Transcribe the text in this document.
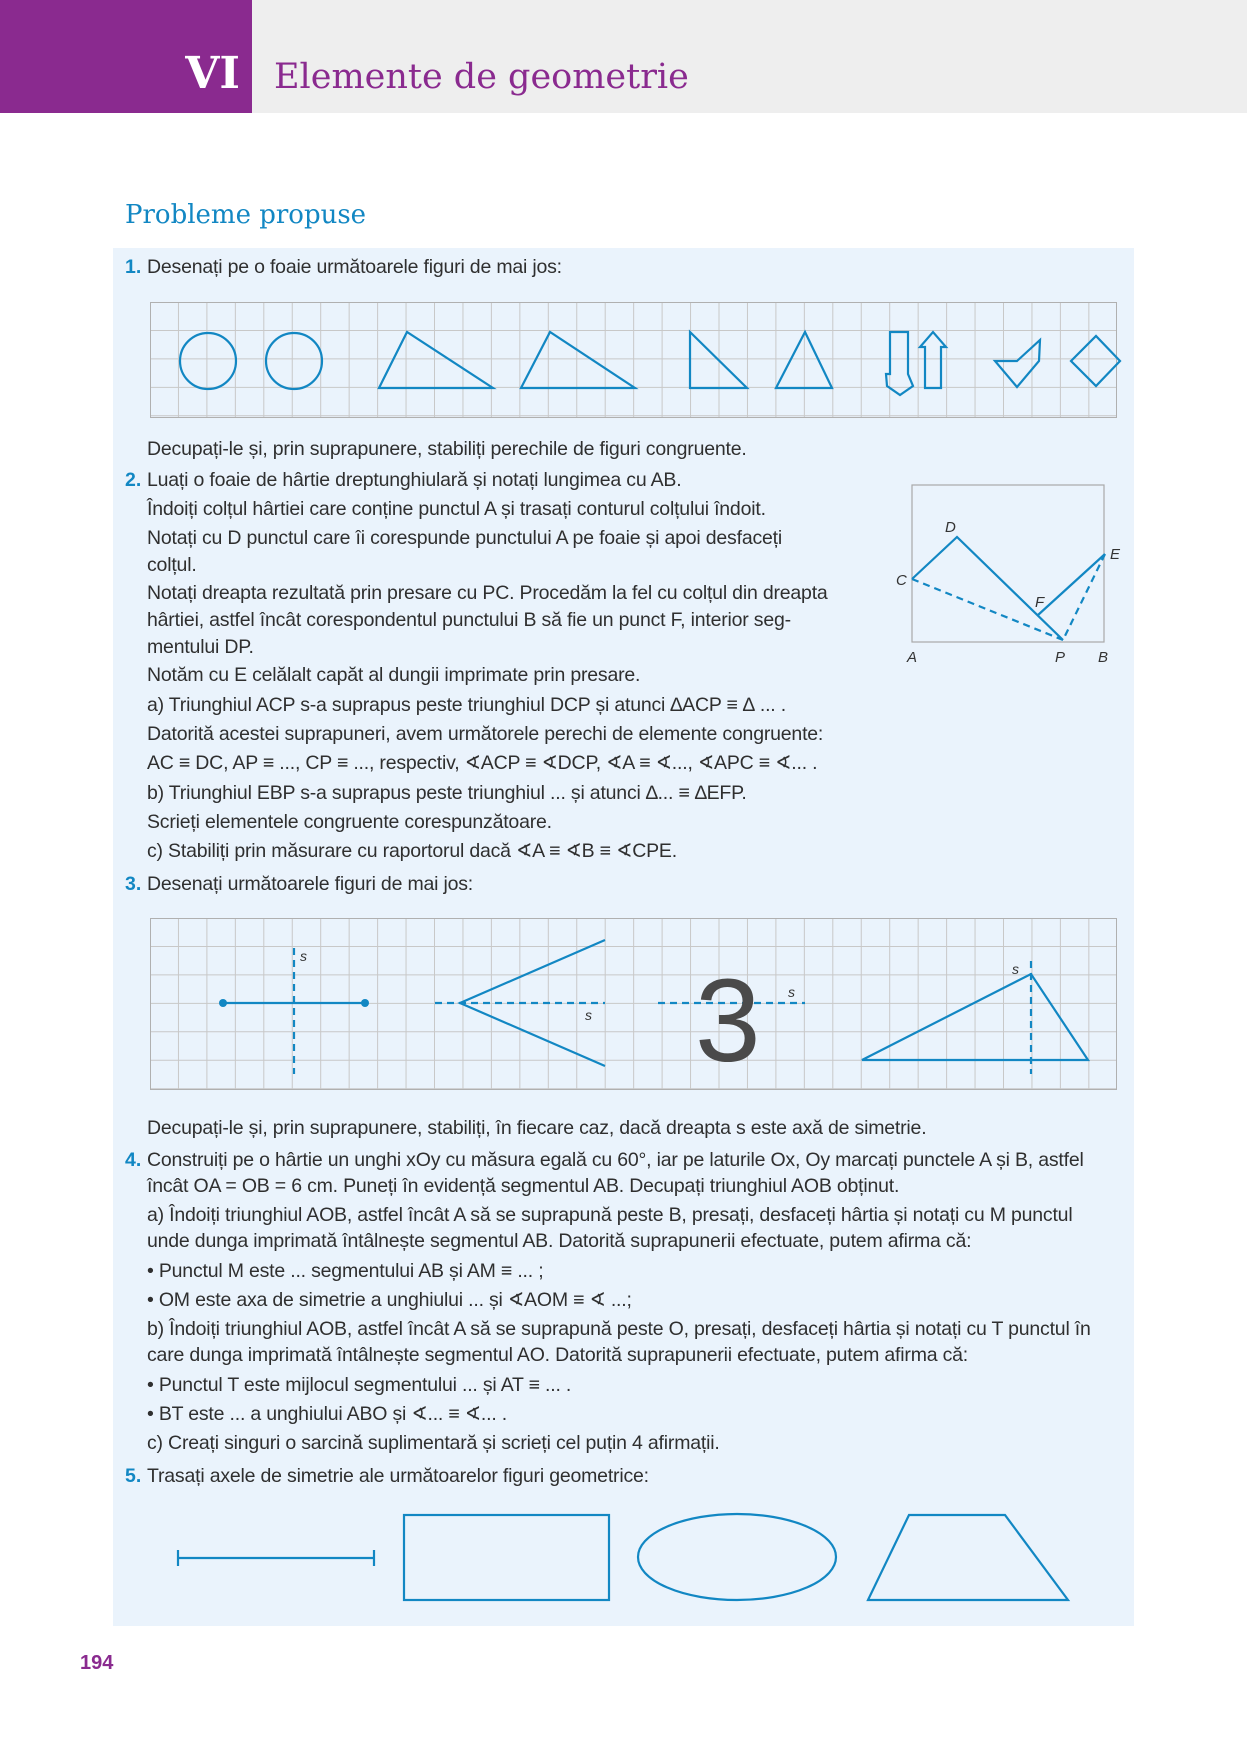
VI Elemente de geometrie
Probleme propuse
1. Desenați pe o foaie următoarele figuri de mai jos:
Decupați-le și, prin suprapunere, stabiliți perechile de figuri congruente.
2. Luați o foaie de hârtie dreptunghiulară și notați lungimea cu AB.
Îndoiți colțul hârtiei care conține punctul A și trasați conturul colțului îndoit.
Notați cu D punctul care îi corespunde punctului A pe foaie și apoi desfaceți
colțul.
Notați dreapta rezultată prin presare cu PC. Procedăm la fel cu colțul din dreapta
hârtiei, astfel încât corespondentul punctului B să fie un punct F, interior seg-
mentului DP.
Notăm cu E celălalt capăt al dungii imprimate prin presare.
a) Triunghiul ACP s-a suprapus peste triunghiul DCP și atunci ∆ACP ≡ ∆ ... .
Datorită acestei suprapuneri, avem următorele perechi de elemente congruente:
AC ≡ DC, AP ≡ ..., CP ≡ ..., respectiv, ∢ACP ≡ ∢DCP, ∢A ≡ ∢..., ∢APC ≡ ∢... .
b) Triunghiul EBP s-a suprapus peste triunghiul ... și atunci ∆... ≡ ∆EFP.
Scrieți elementele congruente corespunzătoare.
c) Stabiliți prin măsurare cu raportorul dacă ∢A ≡ ∢B ≡ ∢CPE.
C
D
E
F
A	P B
3. Desenați următoarele figuri de mai jos:
3
s
s
s
s
Decupați-le și, prin suprapunere, stabiliți, în fiecare caz, dacă dreapta s este axă de simetrie.
4. Construiți pe o hârtie un unghi xOy cu măsura egală cu 60°, iar pe laturile Ox, Oy marcați punctele A și B, astfel
încât OA = OB = 6 cm. Puneți în evidență segmentul AB. Decupați triunghiul AOB obținut.
a) Îndoiți triunghiul AOB, astfel încât A să se suprapună peste B, presați, desfaceți hârtia și notați cu M punctul
unde dunga imprimată întâlnește segmentul AB. Datorită suprapunerii efectuate, putem afirma că:
• Punctul M este ... segmentului AB și AM ≡ ... ;
• OM este axa de simetrie a unghiului ... și ∢AOM ≡ ∢ ...;
b) Îndoiți triunghiul AOB, astfel încât A să se suprapună peste O, presați, desfaceți hârtia și notați cu T punctul în
care dunga imprimată întâlnește segmentul AO. Datorită suprapunerii efectuate, putem afirma că:
• Punctul T este mijlocul segmentului ... și AT ≡ ... .
• BT este ... a unghiului ABO și ∢... ≡ ∢... .
c) Creați singuri o sarcină suplimentară și scrieți cel puțin 4 afirmații.
5. Trasați axele de simetrie ale următoarelor figuri geometrice:
194
